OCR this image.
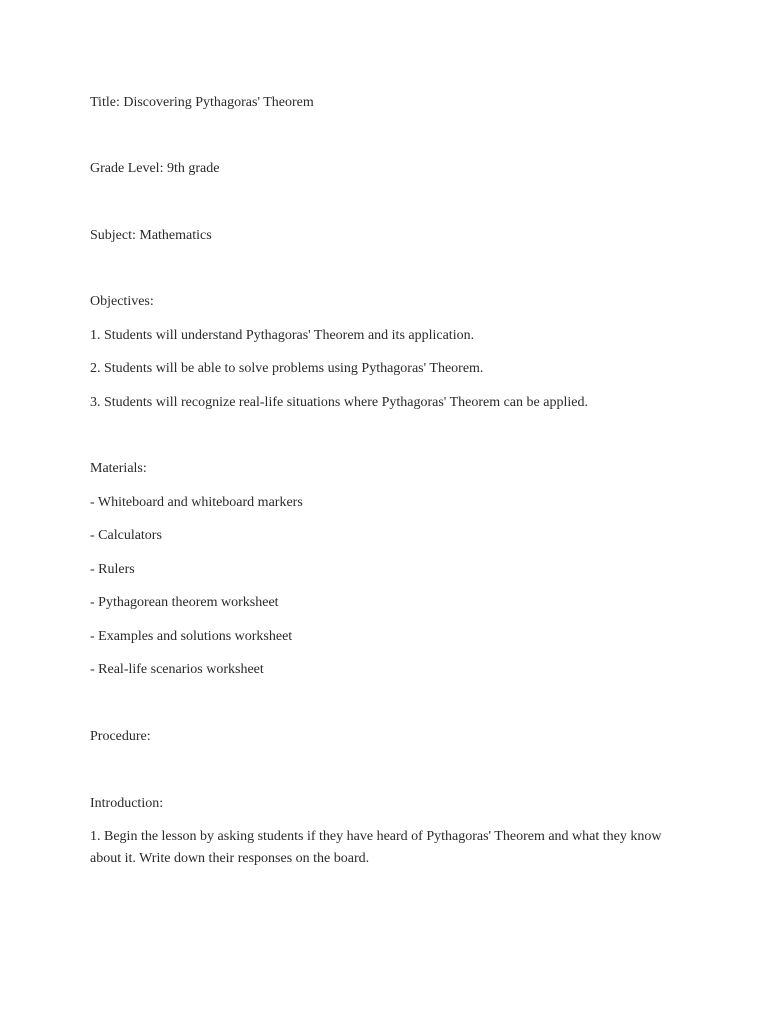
Title: Discovering Pythagoras' Theorem
Grade Level: 9th grade
Subject: Mathematics
Objectives:
1. Students will understand Pythagoras' Theorem and its application.
2. Students will be able to solve problems using Pythagoras' Theorem.
3. Students will recognize real-life situations where Pythagoras' Theorem can be applied.
Materials:
- Whiteboard and whiteboard markers
- Calculators
- Rulers
- Pythagorean theorem worksheet
- Examples and solutions worksheet
- Real-life scenarios worksheet
Procedure:
Introduction:
1. Begin the lesson by asking students if they have heard of Pythagoras' Theorem and what they know about it. Write down their responses on the board.
